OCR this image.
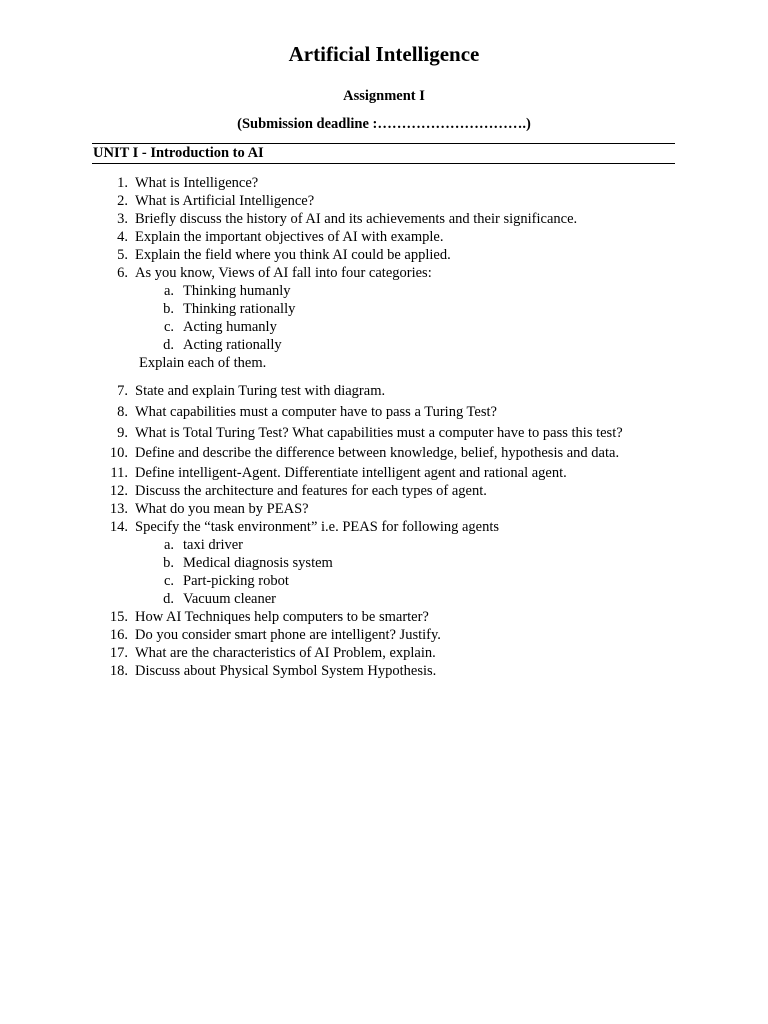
Artificial Intelligence
Assignment I
(Submission deadline :………………………….)
UNIT I - Introduction to AI
1. What is Intelligence?
2. What is Artificial Intelligence?
3. Briefly discuss the history of AI and its achievements and their significance.
4. Explain the important objectives of AI with example.
5. Explain the field where you think AI could be applied.
6. As you know, Views of AI fall into four categories:
a. Thinking humanly
b. Thinking rationally
c. Acting humanly
d. Acting rationally
Explain each of them.
7. State and explain Turing test with diagram.
8. What capabilities must a computer have to pass a Turing Test?
9. What is Total Turing Test? What capabilities must a computer have to pass this test?
10. Define and describe the difference between knowledge, belief, hypothesis and data.
11. Define intelligent-Agent. Differentiate intelligent agent and rational agent.
12. Discuss the architecture and features for each types of agent.
13. What do you mean by PEAS?
14. Specify the “task environment” i.e. PEAS for following agents
a. taxi driver
b. Medical diagnosis system
c. Part-picking robot
d. Vacuum cleaner
15. How AI Techniques help computers to be smarter?
16. Do you consider smart phone are intelligent? Justify.
17. What are the characteristics of AI Problem, explain.
18. Discuss about Physical Symbol System Hypothesis.
